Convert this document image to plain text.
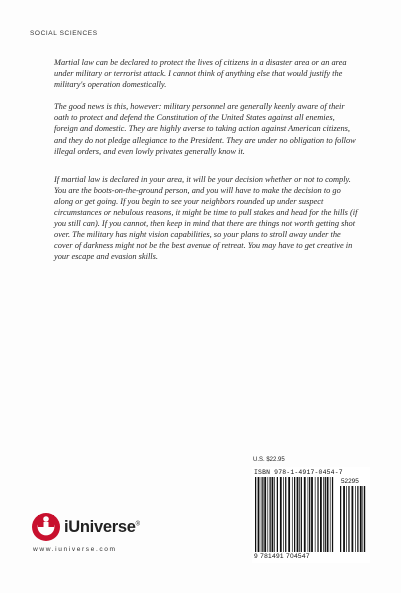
SOCIAL SCIENCES

Martial law can be declared to protect the lives of citizens in a disaster area or an area under military or terrorist attack. I cannot think of anything else that would justify the military's operation domestically.

The good news is this, however: military personnel are generally keenly aware of their oath to protect and defend the Constitution of the United States against all enemies, foreign and domestic. They are highly averse to taking action against American citizens, and they do not pledge allegiance to the President. They are under no obligation to follow illegal orders, and even lowly privates generally know it.

If martial law is declared in your area, it will be your decision whether or not to comply. You are the boots-on-the-ground person, and you will have to make the decision to go along or get going. If you begin to see your neighbors rounded up under suspect circumstances or nebulous reasons, it might be time to pull stakes and head for the hills (if you still can). If you cannot, then keep in mind that there are things not worth getting shot over. The military has night vision capabilities, so your plans to stroll away under the cover of darkness might not be the best avenue of retreat. You may have to get creative in your escape and evasion skills.

iUniverse®
www.iuniverse.com
U.S. $22.95
ISBN 978-1-4917-0454-7
52295
9 781491 704547
